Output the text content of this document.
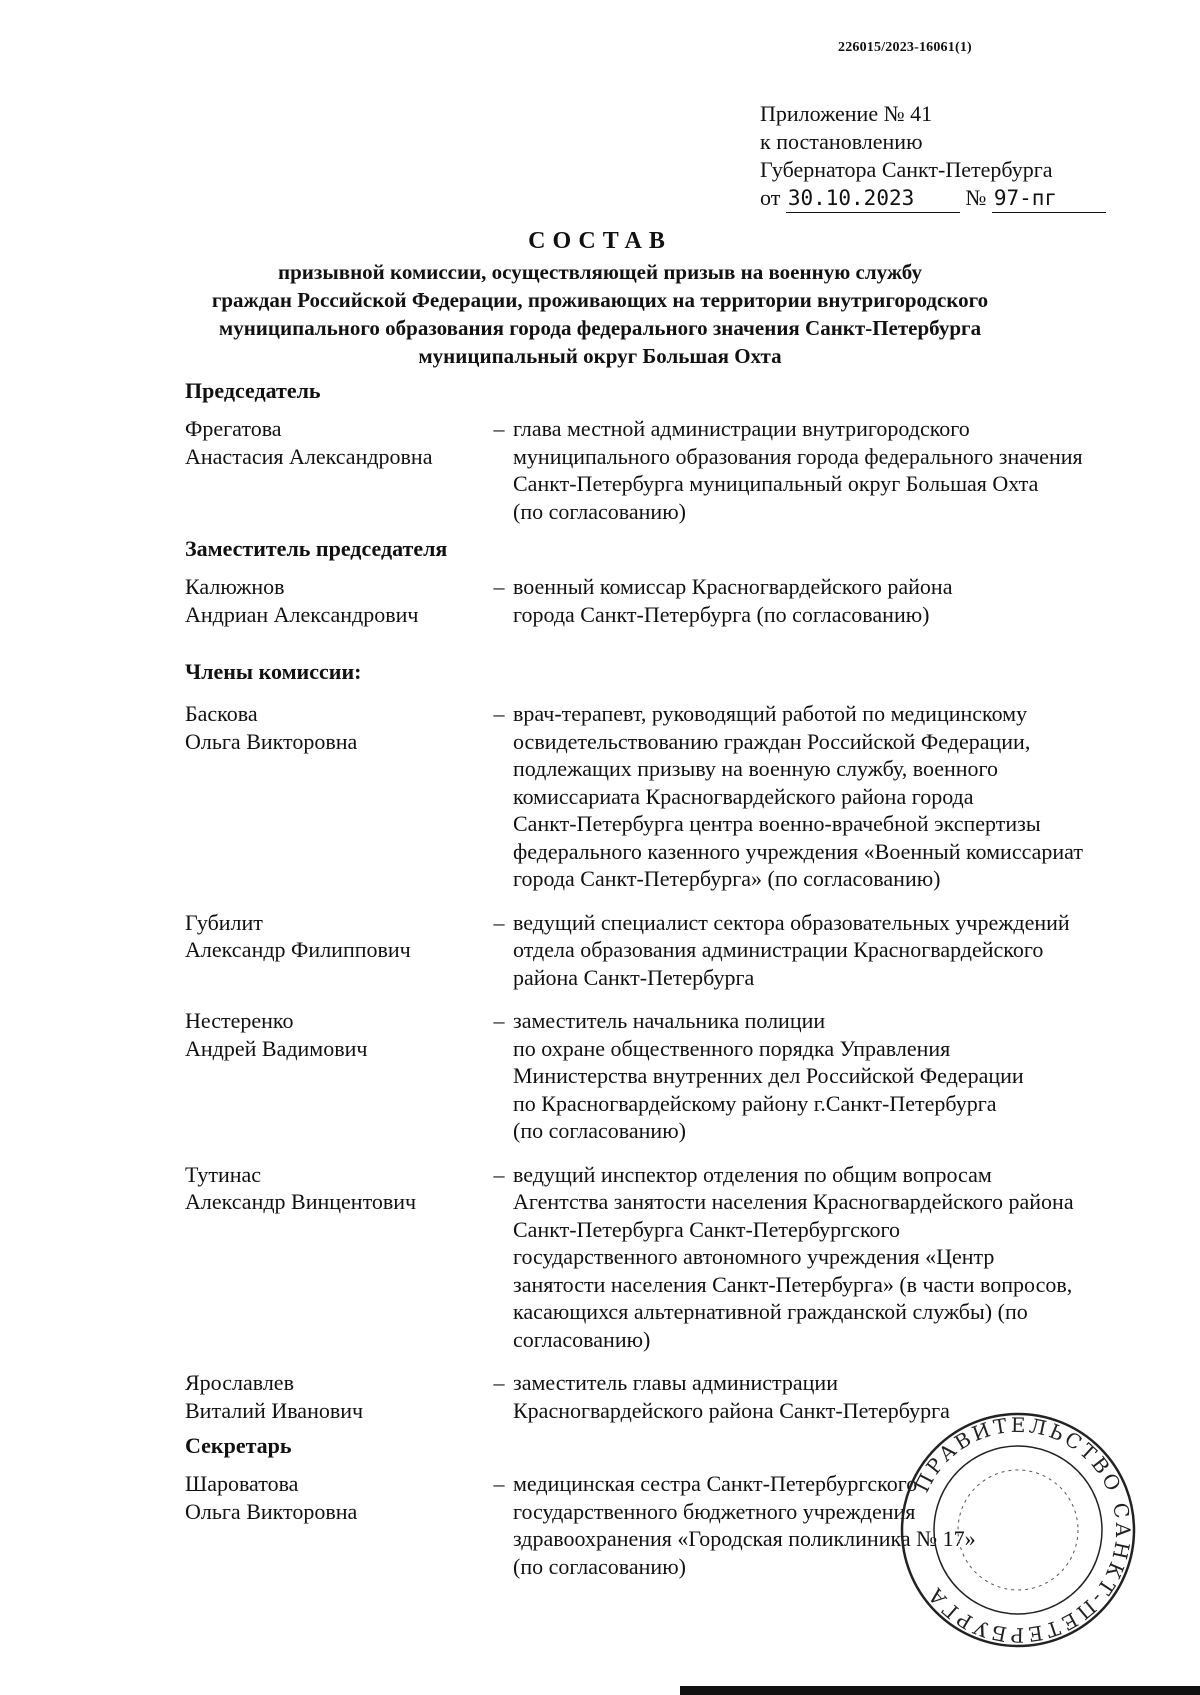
226015/2023-16061(1)
Приложение № 41
к постановлению
Губернатора Санкт-Петербурга
от 30.10.2023 № 97-пг
СОСТАВ
призывной комиссии, осуществляющей призыв на военную службу
граждан Российской Федерации, проживающих на территории внутригородского
муниципального образования города федерального значения Санкт-Петербурга
муниципальный округ Большая Охта
Председатель
Фрегатова
Анастасия Александровна
– глава местной администрации внутригородского
муниципального образования города федерального значения
Санкт-Петербурга муниципальный округ Большая Охта
(по согласованию)
Заместитель председателя
Калюжнов
Андриан Александрович
– военный комиссар Красногвардейского района
города Санкт-Петербурга (по согласованию)
Члены комиссии:
Баскова
Ольга Викторовна
– врач-терапевт, руководящий работой по медицинскому
освидетельствованию граждан Российской Федерации,
подлежащих призыву на военную службу, военного
комиссариата Красногвардейского района города
Санкт-Петербурга центра военно-врачебной экспертизы
федерального казенного учреждения «Военный комиссариат
города Санкт-Петербурга» (по согласованию)
Губилит
Александр Филиппович
– ведущий специалист сектора образовательных учреждений
отдела образования администрации Красногвардейского
района Санкт-Петербурга
Нестеренко
Андрей Вадимович
– заместитель начальника полиции
по охране общественного порядка Управления
Министерства внутренних дел Российской Федерации
по Красногвардейскому району г.Санкт-Петербурга
(по согласованию)
Тутинас
Александр Винцентович
– ведущий инспектор отделения по общим вопросам
Агентства занятости населения Красногвардейского района
Санкт-Петербурга Санкт-Петербургского
государственного автономного учреждения «Центр
занятости населения Санкт-Петербурга» (в части вопросов,
касающихся альтернативной гражданской службы) (по
согласованию)
Ярославлев
Виталий Иванович
– заместитель главы администрации
Красногвардейского района Санкт-Петербурга
Секретарь
Шароватова
Ольга Викторовна
– медицинская сестра Санкт-Петербургского
государственного бюджетного учреждения
здравоохранения «Городская поликлиника № 17»
(по согласованию)
ПРАВИТЕЛЬСТВО САНКТ-ПЕТЕРБУРГА
